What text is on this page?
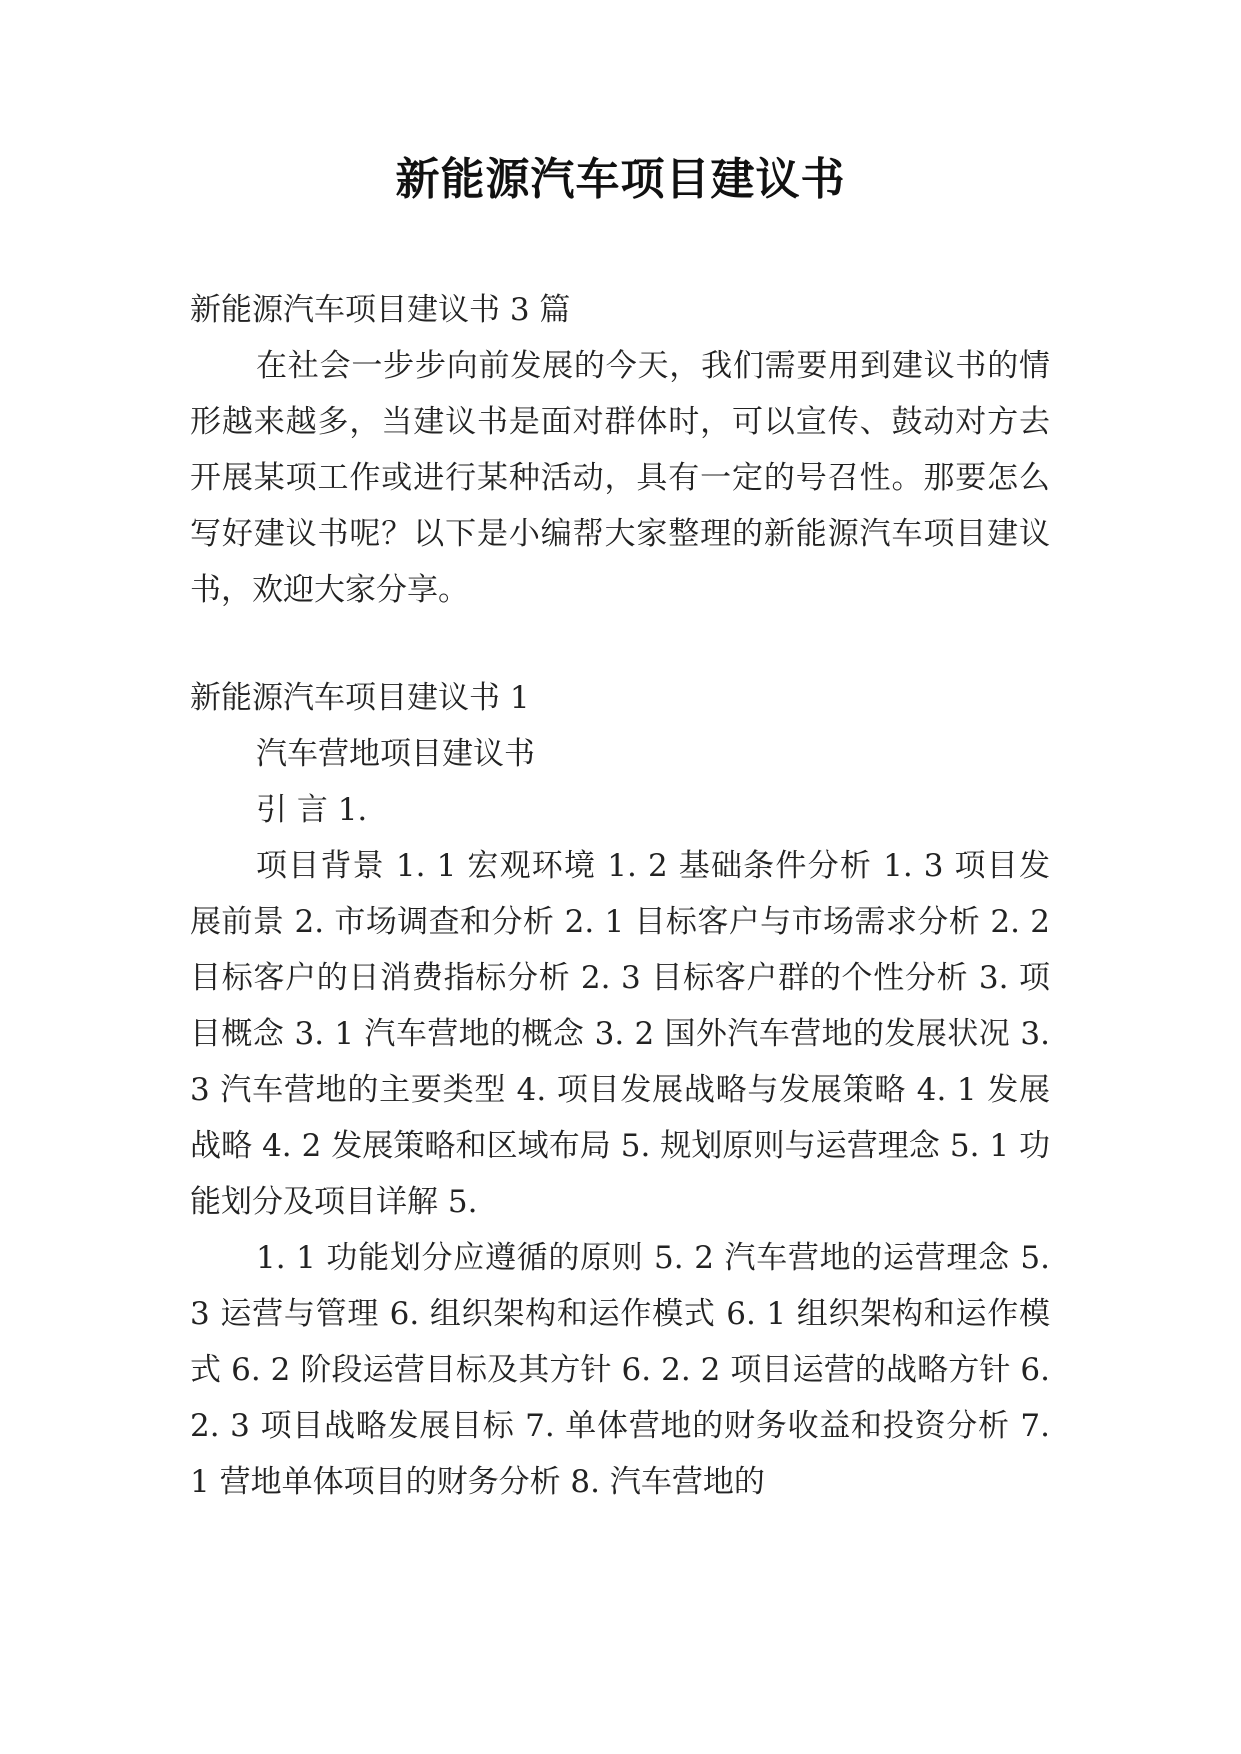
新能源汽车项目建议书

新能源汽车项目建议书 3 篇

在社会一步步向前发展的今天，我们需要用到建议书的情形越来越多，当建议书是面对群体时，可以宣传、鼓动对方去开展某项工作或进行某种活动，具有一定的号召性。那要怎么写好建议书呢？以下是小编帮大家整理的新能源汽车项目建议书，欢迎大家分享。

新能源汽车项目建议书 1

汽车营地项目建议书

引 言 1.

项目背景 1. 1 宏观环境 1. 2 基础条件分析 1. 3 项目发展前景 2. 市场调查和分析 2. 1 目标客户与市场需求分析 2. 2 目标客户的日消费指标分析 2. 3 目标客户群的个性分析 3. 项目概念 3. 1 汽车营地的概念 3. 2 国外汽车营地的发展状况 3. 3 汽车营地的主要类型 4. 项目发展战略与发展策略 4. 1 发展战略 4. 2 发展策略和区域布局 5. 规划原则与运营理念 5. 1 功能划分及项目详解 5.

1. 1 功能划分应遵循的原则 5. 2 汽车营地的运营理念 5. 3 运营与管理 6. 组织架构和运作模式 6. 1 组织架构和运作模式 6. 2 阶段运营目标及其方针 6. 2. 2 项目运营的战略方针 6. 2. 3 项目战略发展目标 7. 单体营地的财务收益和投资分析 7. 1 营地单体项目的财务分析 8. 汽车营地的
